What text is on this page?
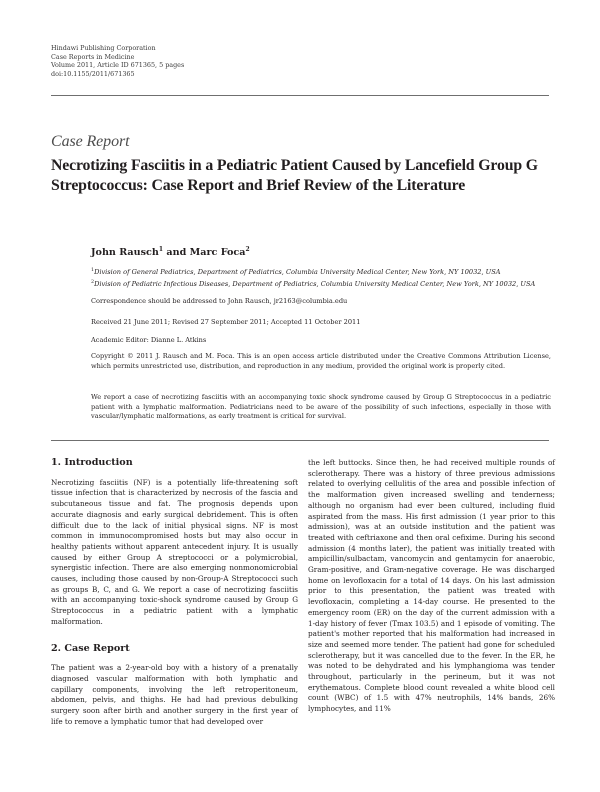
Hindawi Publishing Corporation
Case Reports in Medicine
Volume 2011, Article ID 671365, 5 pages
doi:10.1155/2011/671365
Case Report
Necrotizing Fasciitis in a Pediatric Patient Caused by Lancefield Group G Streptococcus: Case Report and Brief Review of the Literature
John Rausch$^1$ and Marc Foca$^2$
$^1$Division of General Pediatrics, Department of Pediatrics, Columbia University Medical Center, New York, NY 10032, USA
$^2$Division of Pediatric Infectious Diseases, Department of Pediatrics, Columbia University Medical Center, New York, NY 10032, USA
Correspondence should be addressed to John Rausch, jr2163@columbia.edu
Received 21 June 2011; Revised 27 September 2011; Accepted 11 October 2011
Academic Editor: Dianne L. Atkins
Copyright © 2011 J. Rausch and M. Foca. This is an open access article distributed under the Creative Commons Attribution License, which permits unrestricted use, distribution, and reproduction in any medium, provided the original work is properly cited.
We report a case of necrotizing fasciitis with an accompanying toxic shock syndrome caused by Group G Streptococcus in a pediatric patient with a lymphatic malformation. Pediatricians need to be aware of the possibility of such infections, especially in those with vascular/lymphatic malformations, as early treatment is critical for survival.
1. Introduction

Necrotizing fasciitis (NF) is a potentially life-threatening soft tissue infection that is characterized by necrosis of the fascia and subcutaneous tissue and fat. The prognosis depends upon accurate diagnosis and early surgical debridement. This is often difficult due to the lack of initial physical signs. NF is most common in immunocompromised hosts but may also occur in healthy patients without apparent antecedent injury. It is usually caused by either Group A streptococci or a polymicrobial, synergistic infection. There are also emerging nonmonomicrobial causes, including those caused by non-Group-A Streptococci such as groups B, C, and G. We report a case of necrotizing fasciitis with an accompanying toxic-shock syndrome caused by Group G Streptococcus in a pediatric patient with a lymphatic malformation.

2. Case Report

The patient was a 2-year-old boy with a history of a prenatally diagnosed vascular malformation with both lymphatic and capillary components, involving the left retroperitoneum, abdomen, pelvis, and thighs. He had had previous debulking surgery soon after birth and another surgery in the first year of life to remove a lymphatic tumor that had developed over

the left buttocks. Since then, he had received multiple rounds of sclerotherapy. There was a history of three previous admissions related to overlying cellulitis of the area and possible infection of the malformation given increased swelling and tenderness; although no organism had ever been cultured, including fluid aspirated from the mass. His first admission (1 year prior to this admission), was at an outside institution and the patient was treated with ceftriaxone and then oral cefixime. During his second admission (4 months later), the patient was initially treated with ampicillin/sulbactam, vancomycin and gentamycin for anaerobic, Gram-positive, and Gram-negative coverage. He was discharged home on levofloxacin for a total of 14 days. On his last admission prior to this presentation, the patient was treated with levofloxacin, completing a 14-day course. He presented to the emergency room (ER) on the day of the current admission with a 1-day history of fever (Tmax 103.5) and 1 episode of vomiting. The patient's mother reported that his malformation had increased in size and seemed more tender. The patient had gone for scheduled sclerotherapy, but it was cancelled due to the fever. In the ER, he was noted to be dehydrated and his lymphangioma was tender throughout, particularly in the perineum, but it was not erythematous. Complete blood count revealed a white blood cell count (WBC) of 1.5 with 47% neutrophils, 14% bands, 26% lymphocytes, and 11%
